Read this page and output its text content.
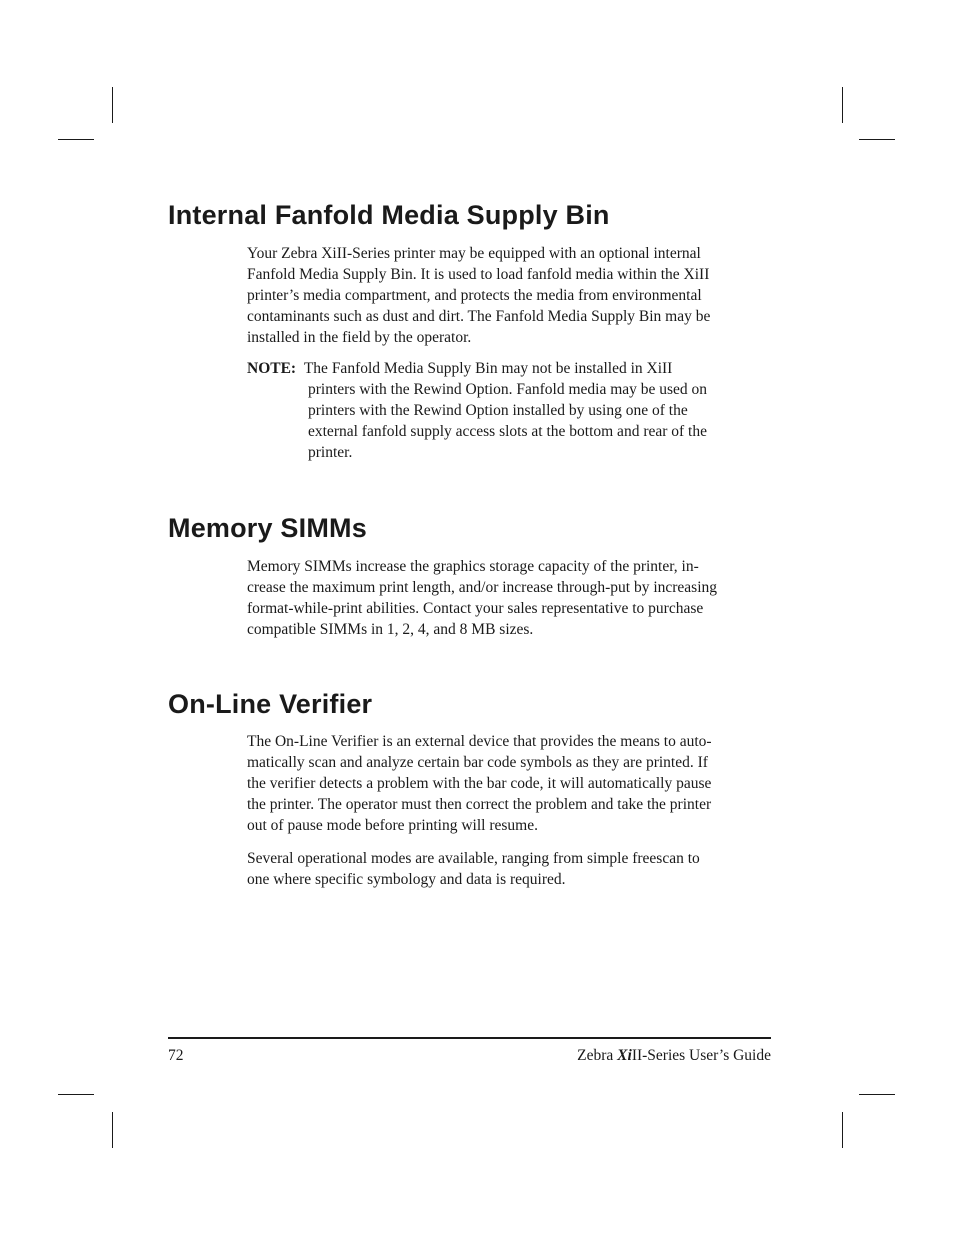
Internal Fanfold Media Supply Bin

Your Zebra XiII-Series printer may be equipped with an optional internal
Fanfold Media Supply Bin. It is used to load fanfold media within the XiII
printer’s media compartment, and protects the media from environmental
contaminants such as dust and dirt. The Fanfold Media Supply Bin may be
installed in the field by the operator.

NOTE: The Fanfold Media Supply Bin may not be installed in XiII
printers with the Rewind Option. Fanfold media may be used on
printers with the Rewind Option installed by using one of the
external fanfold supply access slots at the bottom and rear of the
printer.

Memory SIMMs

Memory SIMMs increase the graphics storage capacity of the printer, in-
crease the maximum print length, and/or increase through-put by increasing
format-while-print abilities. Contact your sales representative to purchase
compatible SIMMs in 1, 2, 4, and 8 MB sizes.

On-Line Verifier

The On-Line Verifier is an external device that provides the means to auto-
matically scan and analyze certain bar code symbols as they are printed. If
the verifier detects a problem with the bar code, it will automatically pause
the printer. The operator must then correct the problem and take the printer
out of pause mode before printing will resume.

Several operational modes are available, ranging from simple freescan to
one where specific symbology and data is required.

72	Zebra XiII-Series User’s Guide
